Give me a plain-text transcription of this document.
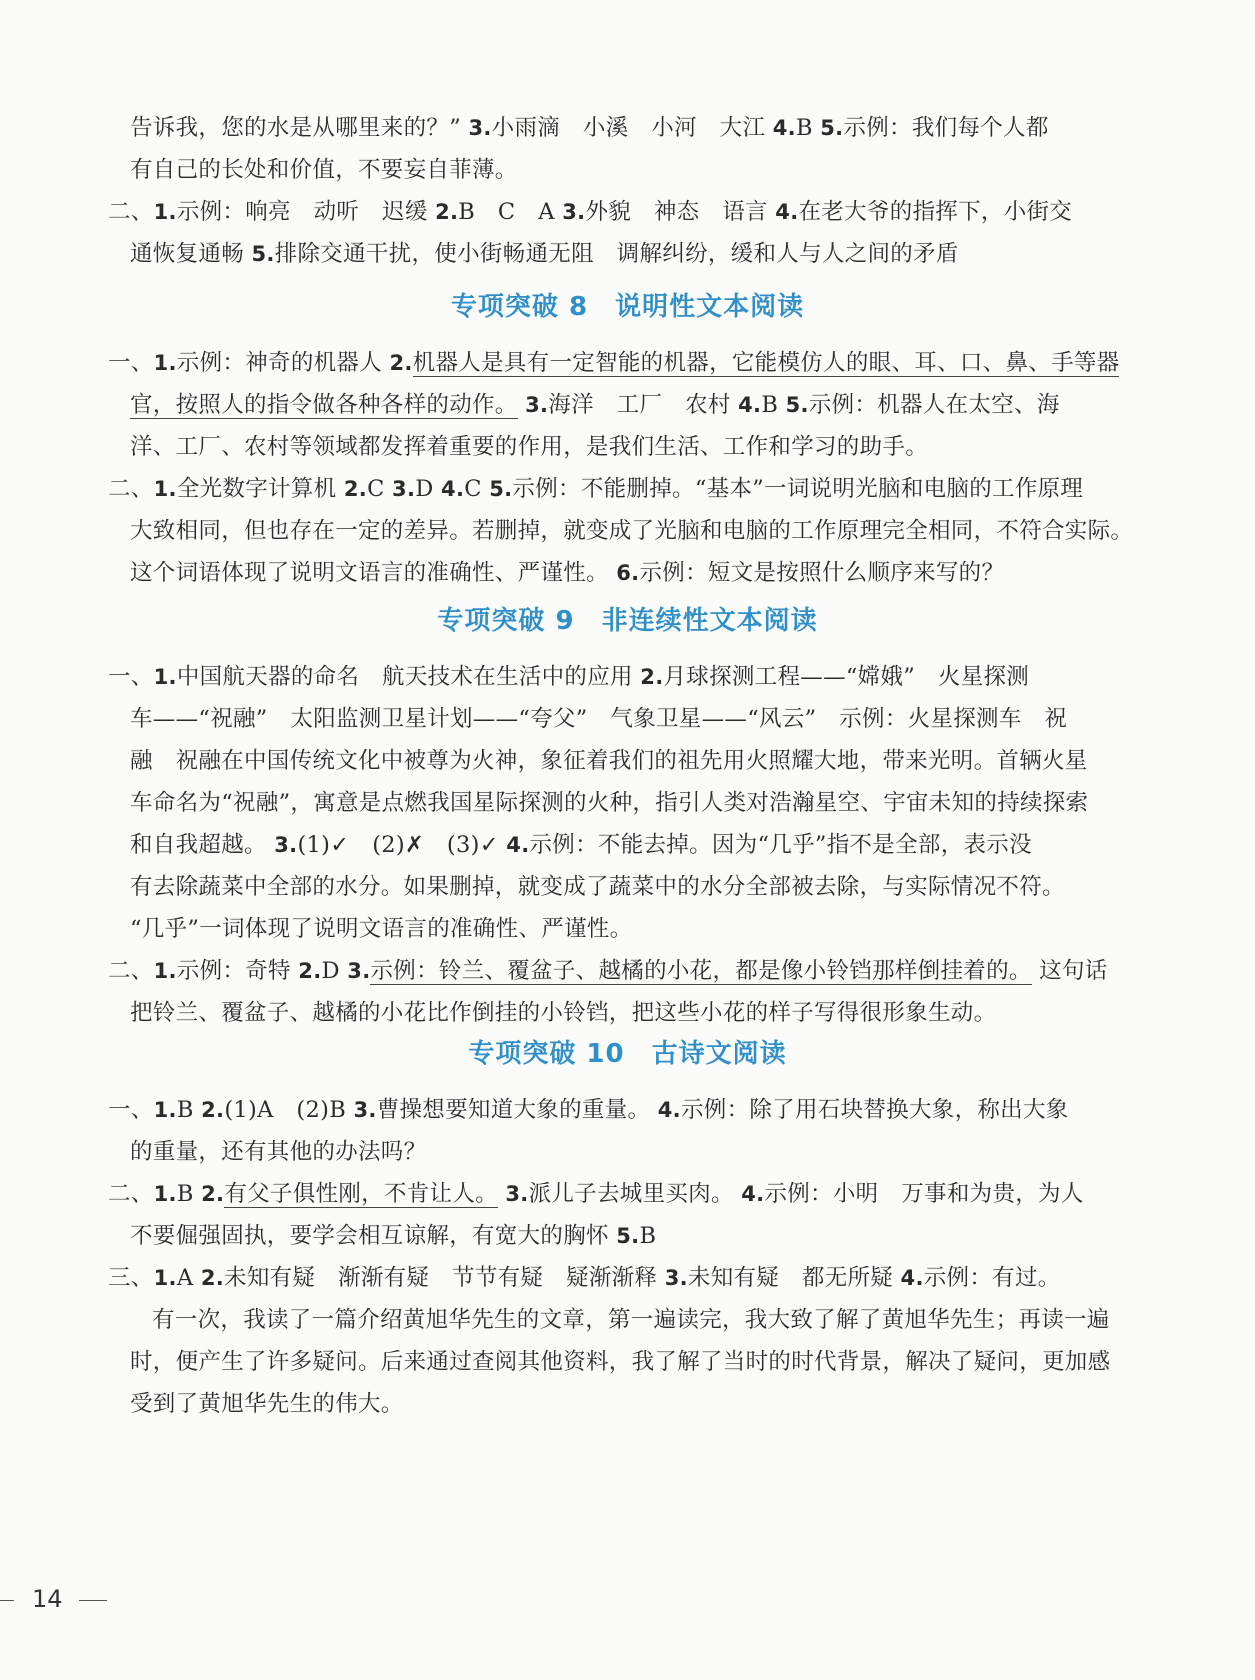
告诉我，您的水是从哪里来的？” 3.小雨滴　小溪　小河　大江 4.B 5.示例：我们每个人都
有自己的长处和价值，不要妄自菲薄。
二、1.示例：响亮　动听　迟缓 2.B　C　A 3.外貌　神态　语言 4.在老大爷的指挥下，小街交
通恢复通畅 5.排除交通干扰，使小街畅通无阻　调解纠纷，缓和人与人之间的矛盾
专项突破 8　说明性文本阅读
一、1.示例：神奇的机器人 2.机器人是具有一定智能的机器，它能模仿人的眼、耳、口、鼻、手等器
官，按照人的指令做各种各样的动作。 3.海洋　工厂　农村 4.B 5.示例：机器人在太空、海
洋、工厂、农村等领域都发挥着重要的作用，是我们生活、工作和学习的助手。
二、1.全光数字计算机 2.C 3.D 4.C 5.示例：不能删掉。“基本”一词说明光脑和电脑的工作原理
大致相同，但也存在一定的差异。若删掉，就变成了光脑和电脑的工作原理完全相同，不符合实际。
这个词语体现了说明文语言的准确性、严谨性。 6.示例：短文是按照什么顺序来写的？
专项突破 9　非连续性文本阅读
一、1.中国航天器的命名　航天技术在生活中的应用 2.月球探测工程——“嫦娥”　火星探测
车——“祝融”　太阳监测卫星计划——“夸父”　气象卫星——“风云”　示例：火星探测车　祝
融　祝融在中国传统文化中被尊为火神，象征着我们的祖先用火照耀大地，带来光明。首辆火星
车命名为“祝融”，寓意是点燃我国星际探测的火种，指引人类对浩瀚星空、宇宙未知的持续探索
和自我超越。 3.(1)✓　(2)✗　(3)✓ 4.示例：不能去掉。因为“几乎”指不是全部，表示没
有去除蔬菜中全部的水分。如果删掉，就变成了蔬菜中的水分全部被去除，与实际情况不符。
“几乎”一词体现了说明文语言的准确性、严谨性。
二、1.示例：奇特 2.D 3.示例：铃兰、覆盆子、越橘的小花，都是像小铃铛那样倒挂着的。 这句话
把铃兰、覆盆子、越橘的小花比作倒挂的小铃铛，把这些小花的样子写得很形象生动。
专项突破 10　古诗文阅读
一、1.B 2.(1)A　(2)B 3.曹操想要知道大象的重量。 4.示例：除了用石块替换大象，称出大象
的重量，还有其他的办法吗？
二、1.B 2.有父子俱性刚，不肯让人。 3.派儿子去城里买肉。 4.示例：小明　万事和为贵，为人
不要倔强固执，要学会相互谅解，有宽大的胸怀 5.B
三、1.A 2.未知有疑　渐渐有疑　节节有疑　疑渐渐释 3.未知有疑　都无所疑 4.示例：有过。
有一次，我读了一篇介绍黄旭华先生的文章，第一遍读完，我大致了解了黄旭华先生；再读一遍
时，便产生了许多疑问。后来通过查阅其他资料，我了解了当时的时代背景，解决了疑问，更加感
受到了黄旭华先生的伟大。
14
